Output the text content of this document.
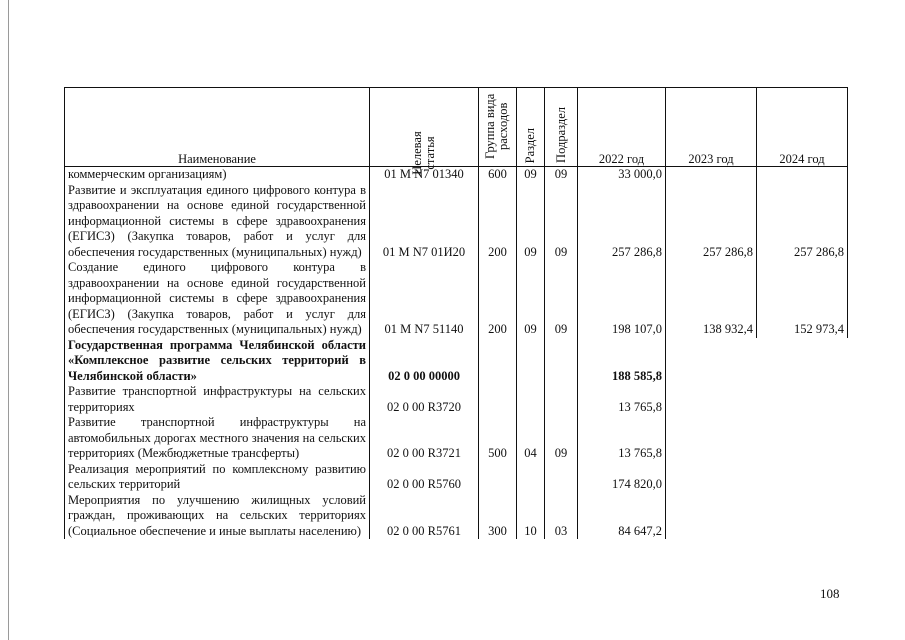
Наименование	Целевая статья	Группа вида расходов	Раздел	Подраздел	2022 год	2023 год	2024 год
коммерческим организациям)	01 M N7 01340	600	09	09	33 000,0		
Развитие и эксплуатация единого цифрового контура в здравоохранении на основе единой государственной информационной системы в сфере здравоохранения (ЕГИСЗ) (Закупка товаров, работ и услуг для обеспечения государственных (муниципальных) нужд)	01 M N7 01И20	200	09	09	257 286,8	257 286,8	257 286,8
Создание единого цифрового контура в здравоохранении на основе единой государственной информационной системы в сфере здравоохранения (ЕГИСЗ) (Закупка товаров, работ и услуг для обеспечения государственных (муниципальных) нужд)	01 M N7 51140	200	09	09	198 107,0	138 932,4	152 973,4
Государственная программа Челябинской области «Комплексное развитие сельских территорий в Челябинской области»	02 0 00 00000				188 585,8		
Развитие транспортной инфраструктуры на сельских территориях	02 0 00 R3720				13 765,8		
Развитие транспортной инфраструктуры на автомобильных дорогах местного значения на сельских территориях (Межбюджетные трансферты)	02 0 00 R3721	500	04	09	13 765,8		
Реализация мероприятий по комплексному развитию сельских территорий	02 0 00 R5760				174 820,0		
Мероприятия по улучшению жилищных условий граждан, проживающих на сельских территориях (Социальное обеспечение и иные выплаты населению)	02 0 00 R5761	300	10	03	84 647,2		
108
